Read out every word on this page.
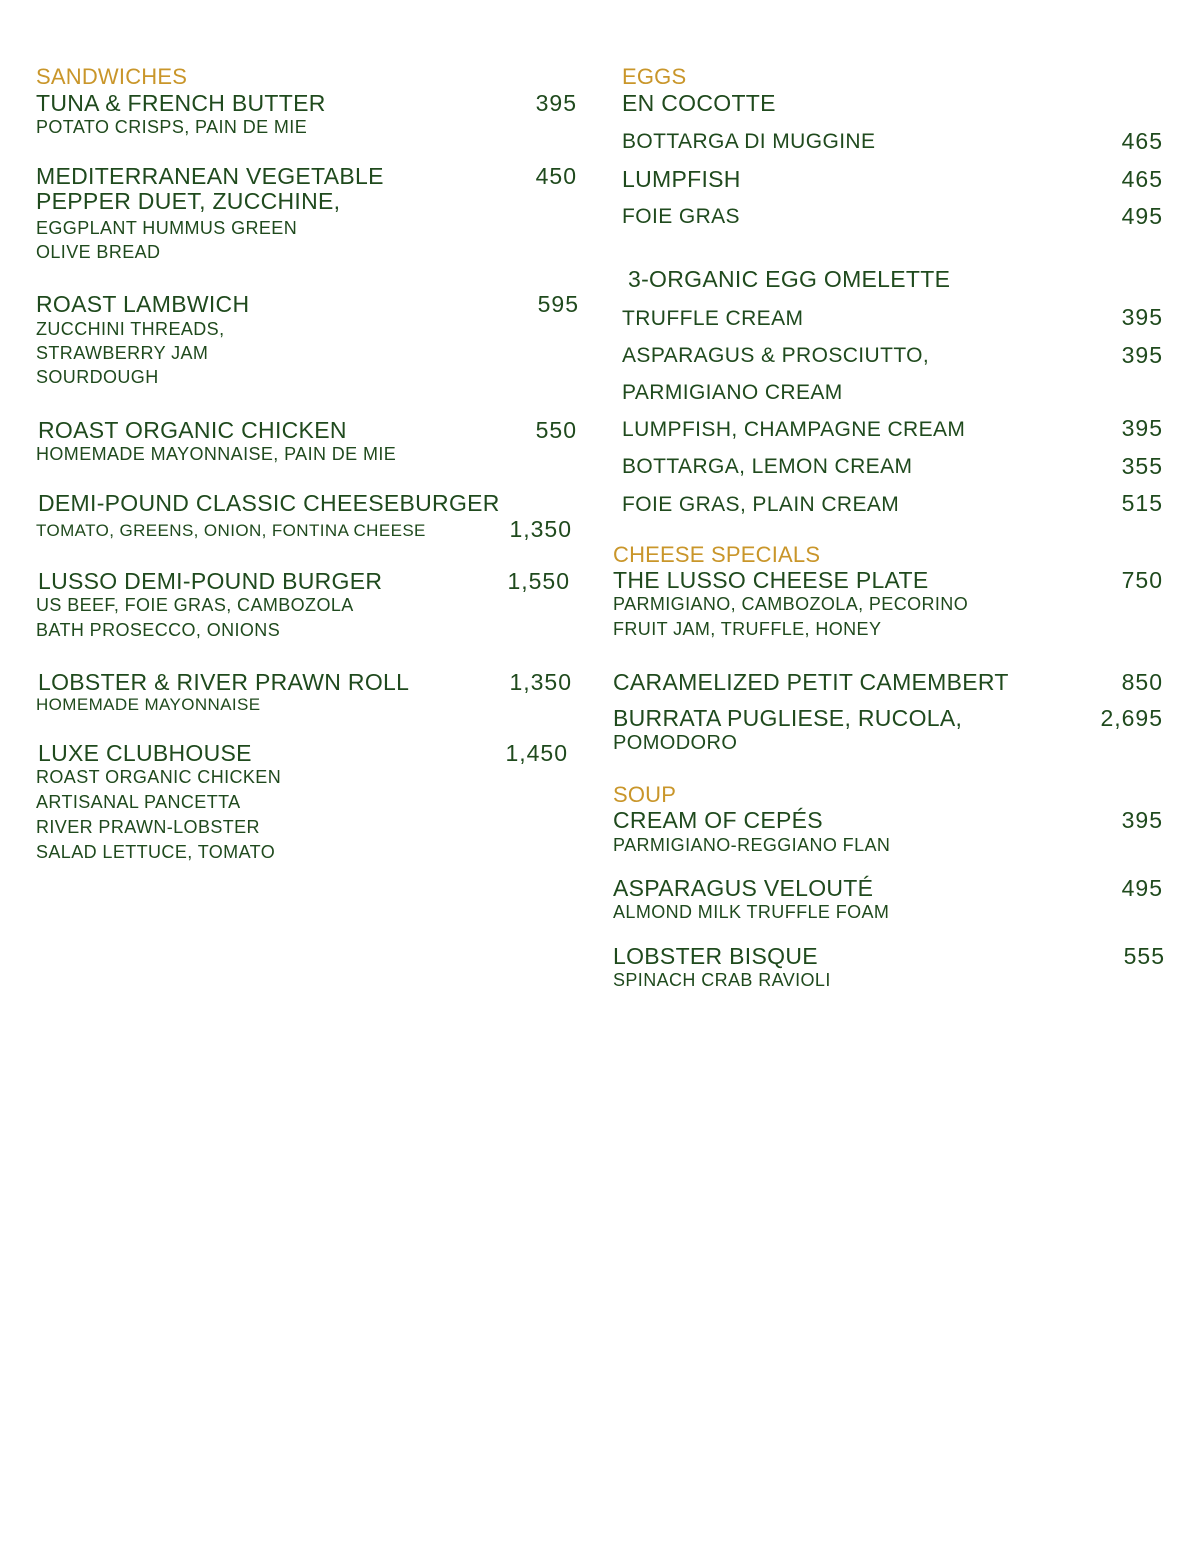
SANDWICHES
TUNA & FRENCH BUTTER	395
POTATO CRISPS, PAIN DE MIE
MEDITERRANEAN VEGETABLE	450
PEPPER DUET, ZUCCHINE,
EGGPLANT HUMMUS GREEN
OLIVE BREAD
ROAST LAMBWICH	595
ZUCCHINI THREADS,
STRAWBERRY JAM
SOURDOUGH
ROAST ORGANIC CHICKEN	550
HOMEMADE MAYONNAISE, PAIN DE MIE
DEMI-POUND CLASSIC CHEESEBURGER
TOMATO, GREENS, ONION, FONTINA CHEESE	1,350
LUSSO DEMI-POUND BURGER	1,550
US BEEF, FOIE GRAS, CAMBOZOLA
BATH PROSECCO, ONIONS
LOBSTER & RIVER PRAWN ROLL	1,350
HOMEMADE MAYONNAISE
LUXE CLUBHOUSE	1,450
ROAST ORGANIC CHICKEN
ARTISANAL PANCETTA
RIVER PRAWN-LOBSTER
SALAD LETTUCE, TOMATO
EGGS
EN COCOTTE
BOTTARGA DI MUGGINE	465
LUMPFISH	465
FOIE GRAS	495
3-ORGANIC EGG OMELETTE
TRUFFLE CREAM	395
ASPARAGUS & PROSCIUTTO,	395
PARMIGIANO CREAM
LUMPFISH, CHAMPAGNE CREAM	395
BOTTARGA, LEMON CREAM	355
FOIE GRAS, PLAIN CREAM	515
CHEESE SPECIALS
THE LUSSO CHEESE PLATE	750
PARMIGIANO, CAMBOZOLA, PECORINO
FRUIT JAM, TRUFFLE, HONEY
CARAMELIZED PETIT CAMEMBERT	850
BURRATA PUGLIESE, RUCOLA,	2,695
POMODORO
SOUP
CREAM OF CEPÉS	395
PARMIGIANO-REGGIANO FLAN
ASPARAGUS VELOUTÉ	495
ALMOND MILK TRUFFLE FOAM
LOBSTER BISQUE	555
SPINACH CRAB RAVIOLI
